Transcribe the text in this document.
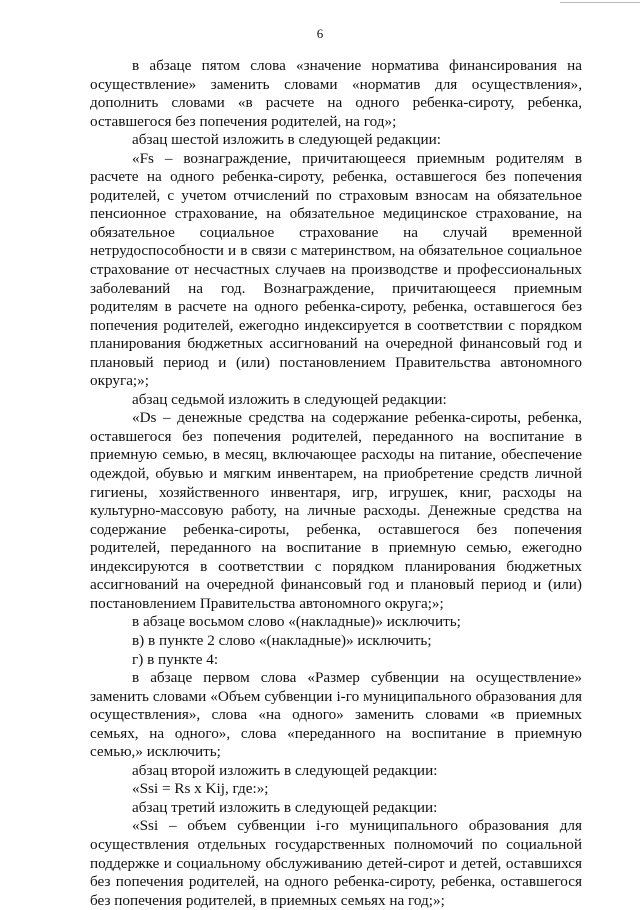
6

в абзаце пятом слова «значение норматива финансирования на осуществление» заменить словами «норматив для осуществления», дополнить словами «в расчете на одного ребенка-сироту, ребенка, оставшегося без попечения родителей, на год»;

абзац шестой изложить в следующей редакции:

«Fs – вознаграждение, причитающееся приемным родителям в расчете на одного ребенка-сироту, ребенка, оставшегося без попечения родителей, с учетом отчислений по страховым взносам на обязательное пенсионное страхование, на обязательное медицинское страхование, на обязательное социальное страхование на случай временной нетрудоспособности и в связи с материнством, на обязательное социальное страхование от несчастных случаев на производстве и профессиональных заболеваний на год. Вознаграждение, причитающееся приемным родителям в расчете на одного ребенка-сироту, ребенка, оставшегося без попечения родителей, ежегодно индексируется в соответствии с порядком планирования бюджетных ассигнований на очередной финансовый год и плановый период и (или) постановлением Правительства автономного округа;»;

абзац седьмой изложить в следующей редакции:

«Ds – денежные средства на содержание ребенка-сироты, ребенка, оставшегося без попечения родителей, переданного на воспитание в приемную семью, в месяц, включающее расходы на питание, обеспечение одеждой, обувью и мягким инвентарем, на приобретение средств личной гигиены, хозяйственного инвентаря, игр, игрушек, книг, расходы на культурно-массовую работу, на личные расходы. Денежные средства на содержание ребенка-сироты, ребенка, оставшегося без попечения родителей, переданного на воспитание в приемную семью, ежегодно индексируются в соответствии с порядком планирования бюджетных ассигнований на очередной финансовый год и плановый период и (или) постановлением Правительства автономного округа;»;

в абзаце восьмом слово «(накладные)» исключить;

в) в пункте 2 слово «(накладные)» исключить;

г) в пункте 4:

в абзаце первом слова «Размер субвенции на осуществление» заменить словами «Объем субвенции i-го муниципального образования для осуществления», слова «на одного» заменить словами «в приемных семьях, на одного», слова «переданного на воспитание в приемную семью,» исключить;

абзац второй изложить в следующей редакции:

«Ssi = Rs x Kij, где:»;

абзац третий изложить в следующей редакции:

«Ssi – объем субвенции i-го муниципального образования для осуществления отдельных государственных полномочий по социальной поддержке и социальному обслуживанию детей-сирот и детей, оставшихся без попечения родителей, на одного ребенка-сироту, ребенка, оставшегося без попечения родителей, в приемных семьях на год;»;
